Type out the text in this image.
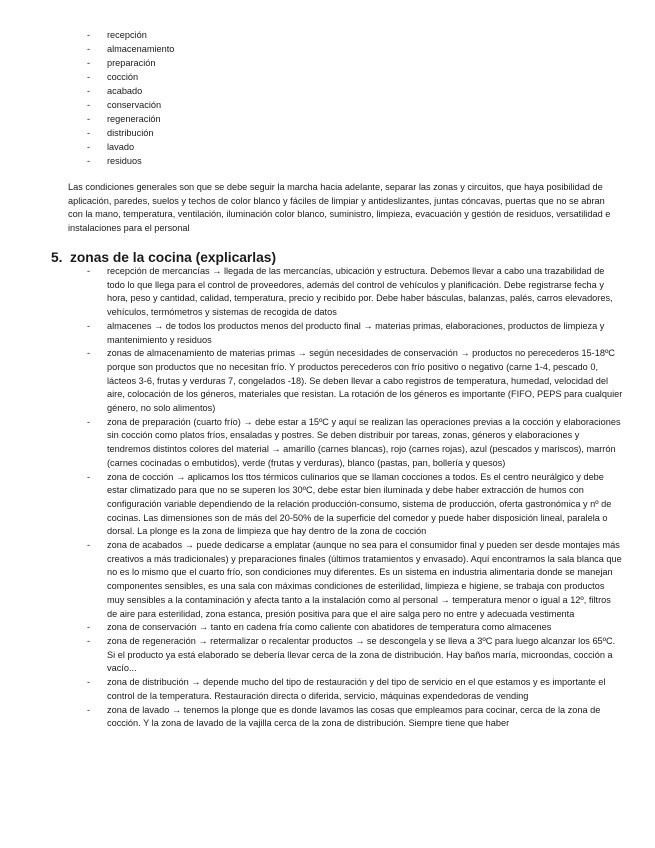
- recepción
- almacenamiento
- preparación
- cocción
- acabado
- conservación
- regeneración
- distribución
- lavado
- residuos

Las condiciones generales son que se debe seguir la marcha hacia adelante, separar las zonas y circuitos, que haya posibilidad de aplicación, paredes, suelos y techos de color blanco y fáciles de limpiar y antideslizantes, juntas cóncavas, puertas que no se abran con la mano, temperatura, ventilación, iluminación color blanco, suministro, limpieza, evacuación y gestión de residuos, versatilidad e instalaciones para el personal

5. zonas de la cocina (explicarlas)
- recepción de mercancías → llegada de las mercancías, ubicación y estructura. Debemos llevar a cabo una trazabilidad de todo lo que llega para el control de proveedores, además del control de vehículos y planificación. Debe registrarse fecha y hora, peso y cantidad, calidad, temperatura, precio y recibido por. Debe haber básculas, balanzas, palés, carros elevadores, vehículos, termómetros y sistemas de recogida de datos
- almacenes → de todos los productos menos del producto final → materias primas, elaboraciones, productos de limpieza y mantenimiento y residuos
- zonas de almacenamiento de materias primas → según necesidades de conservación → productos no perecederos 15-18ºC porque son productos que no necesitan frío. Y productos perecederos con frío positivo o negativo (carne 1-4, pescado 0, lácteos 3-6, frutas y verduras 7, congelados -18). Se deben llevar a cabo registros de temperatura, humedad, velocidad del aire, colocación de los géneros, materiales que resistan. La rotación de los géneros es importante (FIFO, PEPS para cualquier género, no solo alimentos)
- zona de preparación (cuarto frío) → debe estar a 15ºC y aquí se realizan las operaciones previas a la cocción y elaboraciones sin cocción como platos fríos, ensaladas y postres. Se deben distribuir por tareas, zonas, géneros y elaboraciones y tendremos distintos colores del material → amarillo (carnes blancas), rojo (carnes rojas), azul (pescados y mariscos), marrón (carnes cocinadas o embutidos), verde (frutas y verduras), blanco (pastas, pan, bollería y quesos)
- zona de cocción → aplicamos los ttos térmicos culinarios que se llaman cocciones a todos. Es el centro neurálgico y debe estar climatizado para que no se superen los 30ºC, debe estar bien iluminada y debe haber extracción de humos con configuración variable dependiendo de la relación producción-consumo, sistema de producción, oferta gastronómica y nº de cocinas. Las dimensiones son de más del 20-50% de la superficie del comedor y puede haber disposición lineal, paralela o dorsal. La plonge es la zona de limpieza que hay dentro de la zona de cocción
- zona de acabados → puede dedicarse a emplatar (aunque no sea para el consumidor final y pueden ser desde montajes más creativos a más tradicionales) y preparaciones finales (últimos tratamientos y envasado). Aquí encontramos la sala blanca que no es lo mismo que el cuarto frío, son condiciones muy diferentes. Es un sistema en industria alimentaria donde se manejan componentes sensibles, es una sala con máximas condiciones de esterilidad, limpieza e higiene, se trabaja con productos muy sensibles a la contaminación y afecta tanto a la instalación como al personal → temperatura menor o igual a 12º, filtros de aire para esterilidad, zona estanca, presión positiva para que el aire salga pero no entre y adecuada vestimenta
- zona de conservación → tanto en cadena fría como caliente con abatidores de temperatura como almacenes
- zona de regeneración → retermalizar o recalentar productos → se descongela y se lleva a 3ºC para luego alcanzar los 65ºC. Si el producto ya está elaborado se debería llevar cerca de la zona de distribución. Hay baños maría, microondas, cocción a vacío...
- zona de distribución → depende mucho del tipo de restauración y del tipo de servicio en el que estamos y es importante el control de la temperatura. Restauración directa o diferida, servicio, máquinas expendedoras de vending
- zona de lavado → tenemos la plonge que es donde lavamos las cosas que empleamos para cocinar, cerca de la zona de cocción. Y la zona de lavado de la vajilla cerca de la zona de distribución. Siempre tiene que haber
